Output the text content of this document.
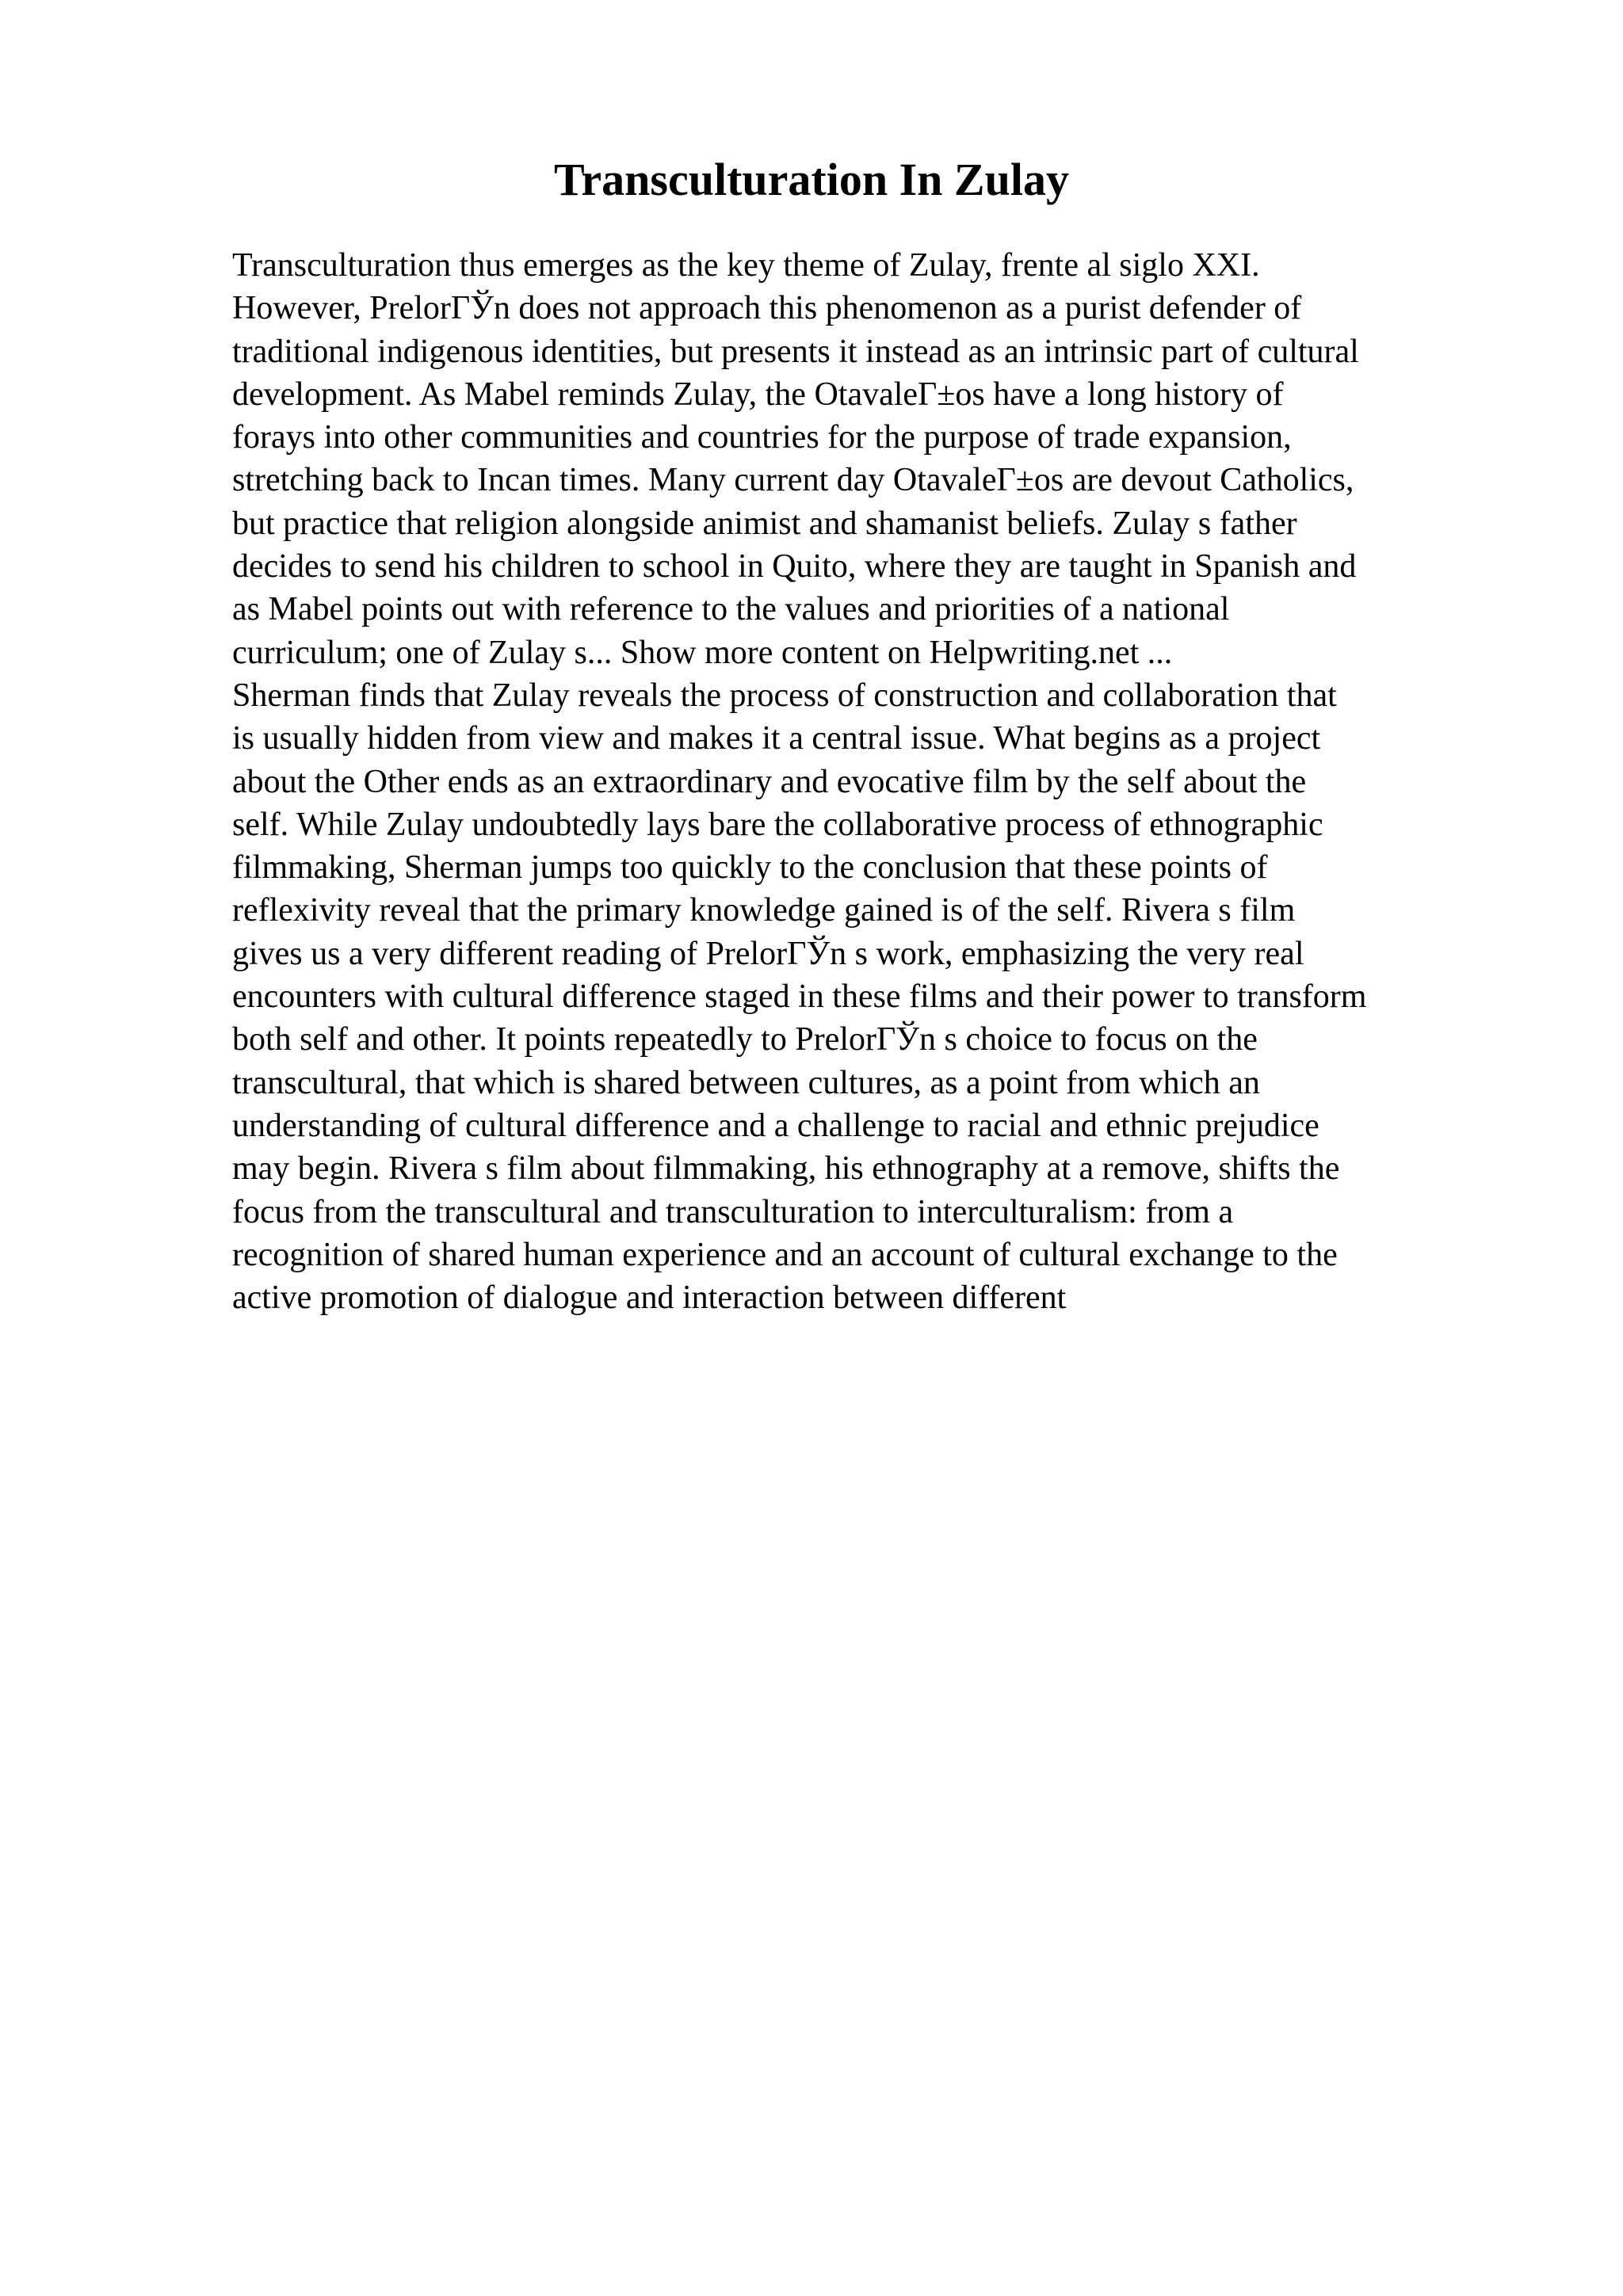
Transculturation In Zulay
Transculturation thus emerges as the key theme of Zulay, frente al siglo XXI.
However, PrelorΓЎn does not approach this phenomenon as a purist defender of
traditional indigenous identities, but presents it instead as an intrinsic part of cultural
development. As Mabel reminds Zulay, the OtavaleΓ±os have a long history of
forays into other communities and countries for the purpose of trade expansion,
stretching back to Incan times. Many current day OtavaleΓ±os are devout Catholics,
but practice that religion alongside animist and shamanist beliefs. Zulay s father
decides to send his children to school in Quito, where they are taught in Spanish and
as Mabel points out with reference to the values and priorities of a national
curriculum; one of Zulay s... Show more content on Helpwriting.net ...
Sherman finds that Zulay reveals the process of construction and collaboration that
is usually hidden from view and makes it a central issue. What begins as a project
about the Other ends as an extraordinary and evocative film by the self about the
self. While Zulay undoubtedly lays bare the collaborative process of ethnographic
filmmaking, Sherman jumps too quickly to the conclusion that these points of
reflexivity reveal that the primary knowledge gained is of the self. Rivera s film
gives us a very different reading of PrelorΓЎn s work, emphasizing the very real
encounters with cultural difference staged in these films and their power to transform
both self and other. It points repeatedly to PrelorΓЎn s choice to focus on the
transcultural, that which is shared between cultures, as a point from which an
understanding of cultural difference and a challenge to racial and ethnic prejudice
may begin. Rivera s film about filmmaking, his ethnography at a remove, shifts the
focus from the transcultural and transculturation to interculturalism: from a
recognition of shared human experience and an account of cultural exchange to the
active promotion of dialogue and interaction between different
